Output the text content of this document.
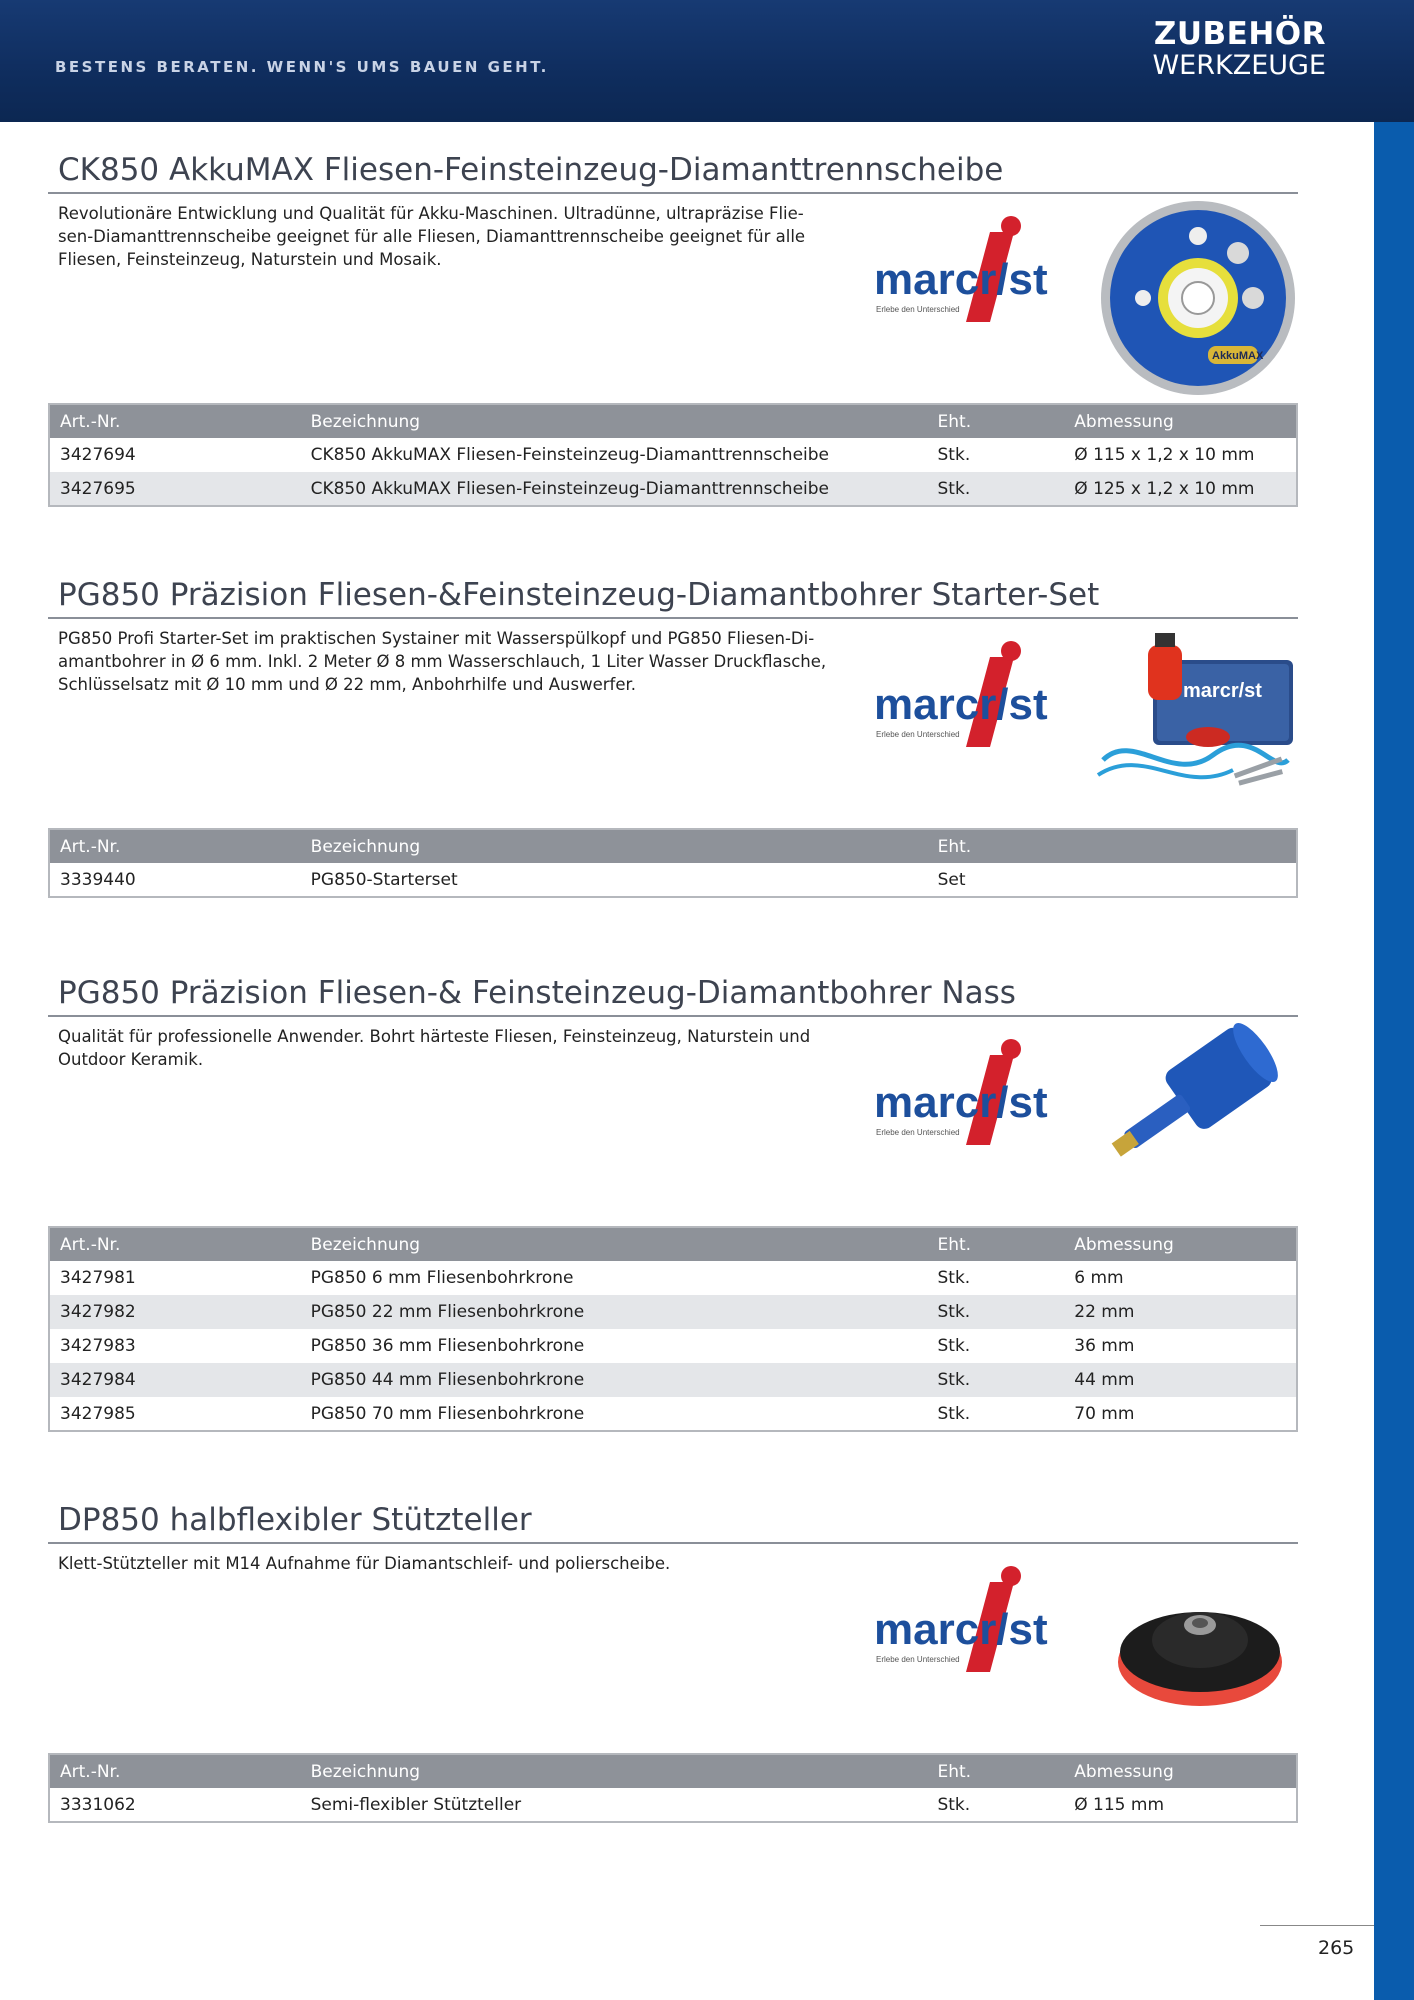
BESTENS BERATEN. WENN'S UMS BAUEN GEHT.
ZUBEHÖR
WERKZEUGE
CK850 AkkuMAX Fliesen-Feinsteinzeug-Diamanttrennscheibe
Revolutionäre Entwicklung und Qualität für Akku-Maschinen. Ultradünne, ultrapräzise Flie-
sen-Diamanttrennscheibe geeignet für alle Fliesen, Diamanttrennscheibe geeignet für alle
Fliesen, Feinsteinzeug, Naturstein und Mosaik.	marcr/st
Erlebe den Unterschied
AkkuMAX
Art.-Nr.	Bezeichnung	Eht.	Abmessung
3427694	CK850 AkkuMAX Fliesen-Feinsteinzeug-Diamanttrennscheibe	Stk.	Ø 115 x 1,2 x 10 mm
3427695	CK850 AkkuMAX Fliesen-Feinsteinzeug-Diamanttrennscheibe	Stk.	Ø 125 x 1,2 x 10 mm
PG850 Präzision Fliesen-&Feinsteinzeug-Diamantbohrer Starter-Set
PG850 Profi Starter-Set im praktischen Systainer mit Wasserspülkopf und PG850 Fliesen-Di-
amantbohrer in Ø 6 mm. Inkl. 2 Meter Ø 8 mm Wasserschlauch, 1 Liter Wasser Druckflasche,
Schlüsselsatz mit Ø 10 mm und Ø 22 mm, Anbohrhilfe und Auswerfer.	marcr/st
Erlebe den Unterschied
marcr/st
Art.-Nr.	Bezeichnung	Eht.	
3339440	PG850-Starterset	Set	
PG850 Präzision Fliesen-& Feinsteinzeug-Diamantbohrer Nass
Qualität für professionelle Anwender. Bohrt härteste Fliesen, Feinsteinzeug, Naturstein und
Outdoor Keramik.
marcr/st
Erlebe den Unterschied
Art.-Nr.	Bezeichnung	Eht.	Abmessung
3427981	PG850 6 mm Fliesenbohrkrone	Stk.	6 mm
3427982	PG850 22 mm Fliesenbohrkrone	Stk.	22 mm
3427983	PG850 36 mm Fliesenbohrkrone	Stk.	36 mm
3427984	PG850 44 mm Fliesenbohrkrone	Stk.	44 mm
3427985	PG850 70 mm Fliesenbohrkrone	Stk.	70 mm
DP850 halbflexibler Stützteller
Klett-Stützteller mit M14 Aufnahme für Diamantschleif- und polierscheibe.
marcr/st
Erlebe den Unterschied
Art.-Nr.	Bezeichnung	Eht.	Abmessung
3331062	Semi-flexibler Stützteller	Stk.	Ø 115 mm
265
